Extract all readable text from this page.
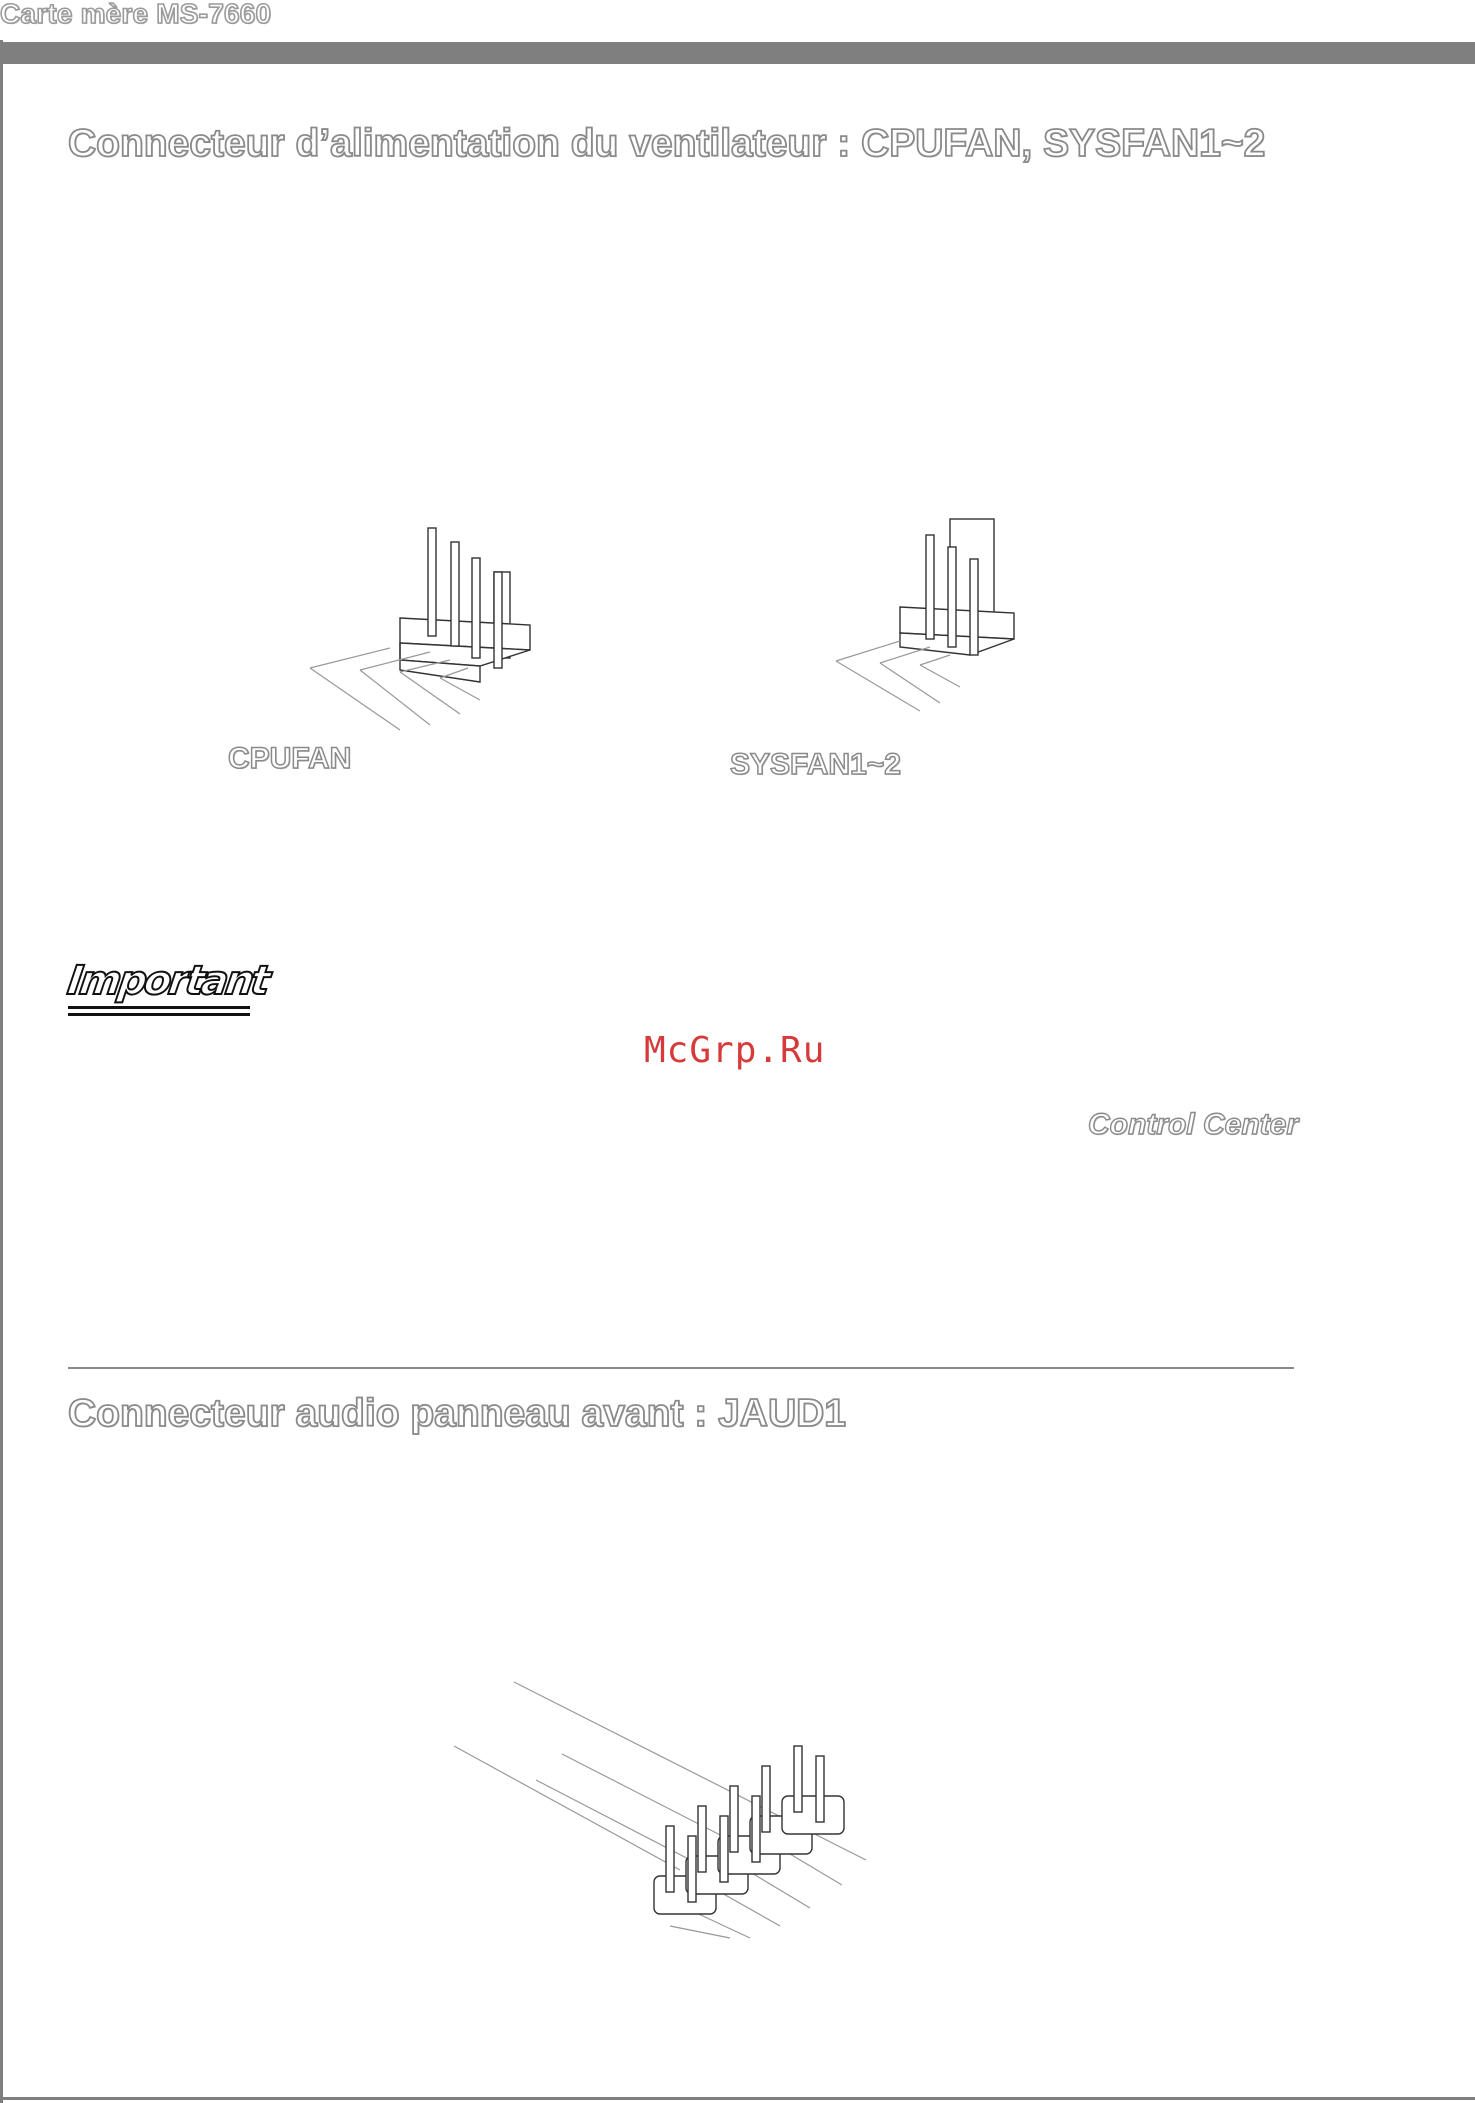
Carte mère MS-7660
Connecteur d’alimentation du ventilateur : CPUFAN, SYSFAN1~2
CPUFAN	SYSFAN1~2
Important
McGrp.Ru
Control Center
Connecteur audio panneau avant : JAUD1
